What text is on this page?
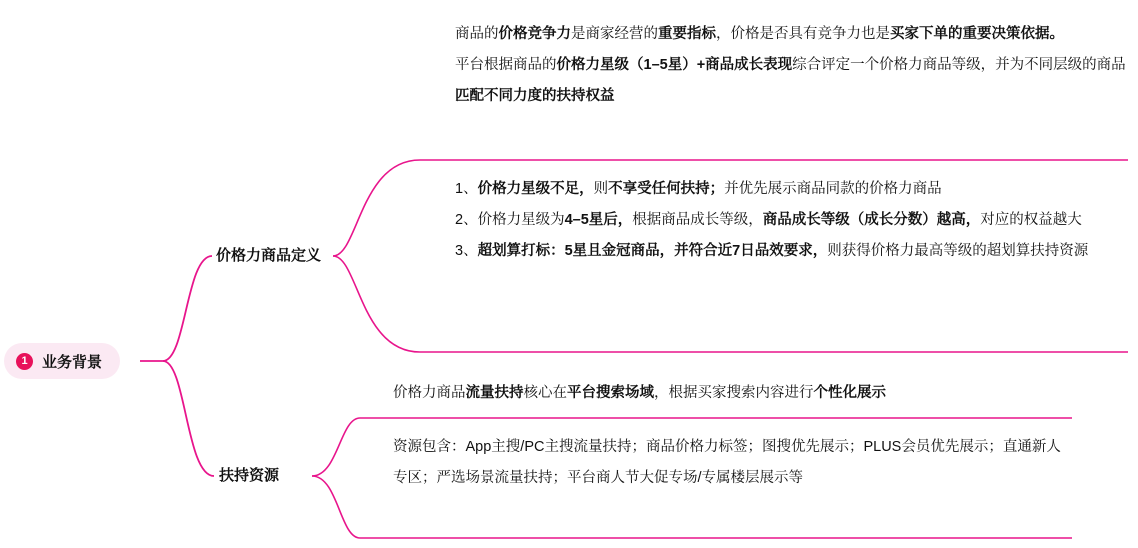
1 业务背景
价格力商品定义
扶持资源

商品的价格竞争力是商家经营的重要指标，价格是否具有竞争力也是买家下单的重要决策依据。

平台根据商品的价格力星级（1–5星）+商品成长表现综合评定一个价格力商品等级，并为不同层级的商品匹配不同力度的扶持权益

1、价格力星级不足，则不享受任何扶持；并优先展示商品同款的价格力商品

2、价格力星级为4–5星后，根据商品成长等级，商品成长等级（成长分数）越高，对应的权益越大

3、超划算打标：5星且金冠商品，并符合近7日品效要求，则获得价格力最高等级的超划算扶持资源

价格力商品流量扶持核心在平台搜索场域，根据买家搜索内容进行个性化展示

资源包含：App主搜/PC主搜流量扶持；商品价格力标签；图搜优先展示；PLUS会员优先展示；直通新人专区；严选场景流量扶持；平台商人节大促专场/专属楼层展示等
